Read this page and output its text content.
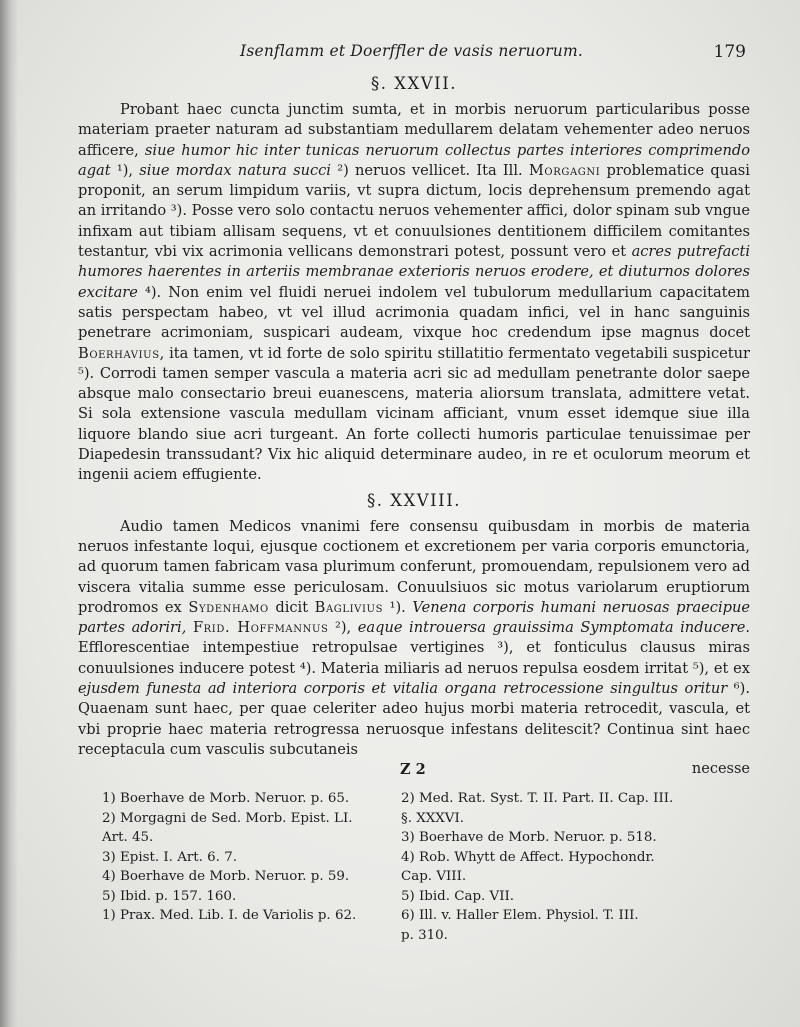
Isenflamm et Doerffler de vasis neruorum.	179
§. XXVII.

Probant haec cuncta junctim sumta, et in morbis neruorum particularibus posse materiam praeter naturam ad substantiam medullarem delatam vehementer adeo neruos afficere, siue humor hic inter tunicas neruorum collectus partes interiores comprimendo agat ¹), siue mordax natura succi ²) neruos vellicet. Ita Ill. Morgagni problematice quasi proponit, an serum limpidum variis, vt supra dictum, locis deprehensum premendo agat an irritando ³). Posse vero solo contactu neruos vehementer affici, dolor spinam sub vngue infixam aut tibiam allisam sequens, vt et conuulsiones dentitionem difficilem comitantes testantur, vbi vix acrimonia vellicans demonstrari potest, possunt vero et acres putrefacti humores haerentes in arteriis membranae exterioris neruos erodere, et diuturnos dolores excitare ⁴). Non enim vel fluidi neruei indolem vel tubulorum medullarium capacitatem satis perspectam habeo, vt vel illud acrimonia quadam infici, vel in hanc sanguinis penetrare acrimoniam, suspicari audeam, vixque hoc credendum ipse magnus docet Boerhavius, ita tamen, vt id forte de solo spiritu stillatitio fermentato vegetabili suspicetur ⁵). Corrodi tamen semper vascula a materia acri sic ad medullam penetrante dolor saepe absque malo consectario breui euanescens, materia aliorsum translata, admittere vetat. Si sola extensione vascula medullam vicinam afficiant, vnum esset idemque siue illa liquore blando siue acri turgeant. An forte collecti humoris particulae tenuissimae per Diapedesin transsudant? Vix hic aliquid determinare audeo, in re et oculorum meorum et ingenii aciem effugiente.

§. XXVIII.

Audio tamen Medicos vnanimi fere consensu quibusdam in morbis de materia neruos infestante loqui, ejusque coctionem et excretionem per varia corporis emunctoria, ad quorum tamen fabricam vasa plurimum conferunt, promouendam, repulsionem vero ad viscera vitalia summe esse periculosam. Conuulsiuos sic motus variolarum eruptiorum prodromos ex Sydenhamo dicit Baglivius ¹). Venena corporis humani neruosas praecipue partes adoriri, Frid. Hoffmannus ²), eaque introuersa grauissima Symptomata inducere. Efflorescentiae intempestiue retropulsae vertigines ³), et fonticulus clausus miras conuulsiones inducere potest ⁴). Materia miliaris ad neruos repulsa eosdem irritat ⁵), et ex ejusdem funesta ad interiora corporis et vitalia organa retrocessione singultus oritur ⁶). Quaenam sunt haec, per quae celeriter adeo hujus morbi materia retrocedit, vascula, et vbi proprie haec materia retrogressa neruosque infestans delitescit? Continua sint haec receptacula cum vasculis subcutaneis

Z 2	necesse

1) Boerhave de Morb. Neruor. p. 65.

2) Morgagni de Sed. Morb. Epist. LI.

Art. 45.

3) Epist. I. Art. 6. 7.

4) Boerhave de Morb. Neruor. p. 59.

5) Ibid. p. 157. 160.

1) Prax. Med. Lib. I. de Variolis p. 62.

2) Med. Rat. Syst. T. II. Part. II. Cap. III.

§. XXXVI.

3) Boerhave de Morb. Neruor. p. 518.

4) Rob. Whytt de Affect. Hypochondr.

Cap. VIII.

5) Ibid. Cap. VII.

6) Ill. v. Haller Elem. Physiol. T. III.

p. 310.
